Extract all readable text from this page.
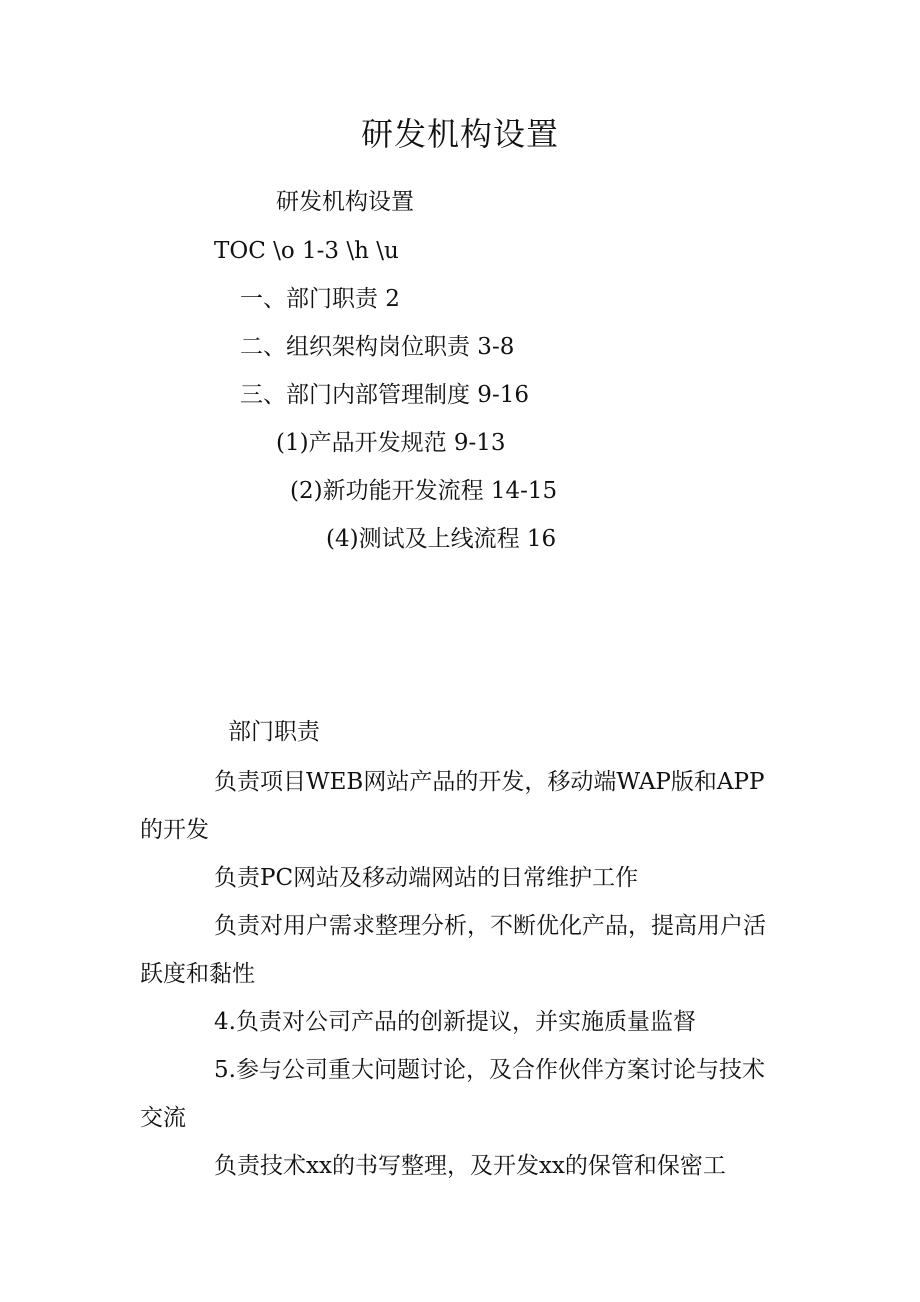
研发机构设置
研发机构设置
TOC \o 1-3 \h \u
一、部门职责 2
二、组织架构岗位职责 3-8
三、部门内部管理制度 9-16
(1)产品开发规范 9-13
(2)新功能开发流程 14-15
(4)测试及上线流程 16
部门职责
负责项目WEB网站产品的开发，移动端WAP版和APP的开发
负责PC网站及移动端网站的日常维护工作
负责对用户需求整理分析，不断优化产品，提高用户活跃度和黏性
4.负责对公司产品的创新提议，并实施质量监督
5.参与公司重大问题讨论，及合作伙伴方案讨论与技术交流
负责技术xx的书写整理，及开发xx的保管和保密工
